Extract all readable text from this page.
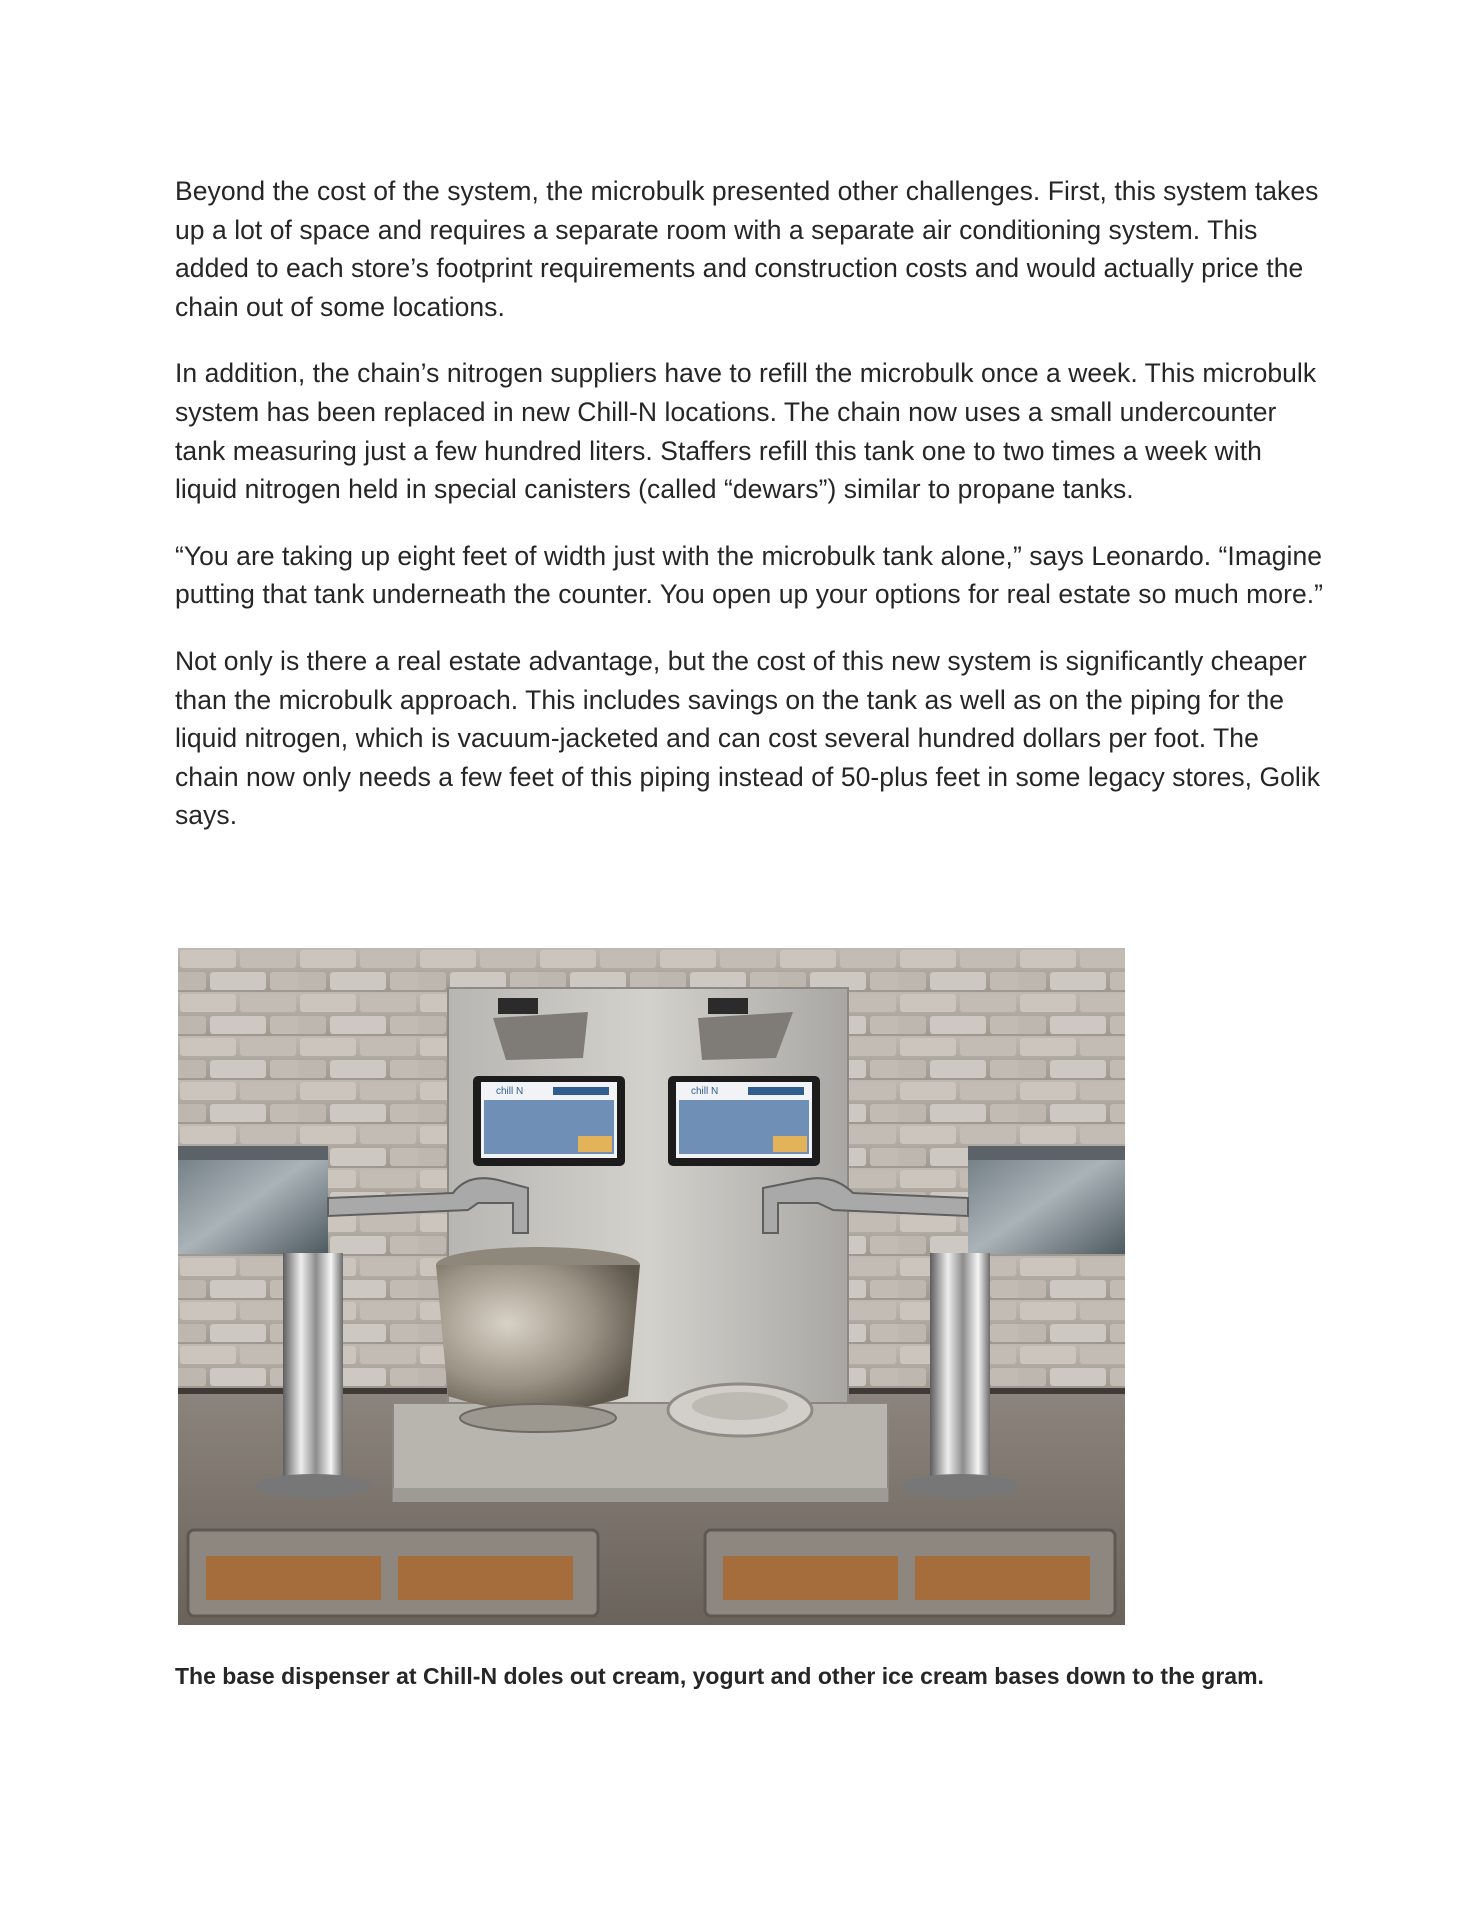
Beyond the cost of the system, the microbulk presented other challenges. First, this system takes up a lot of space and requires a separate room with a separate air conditioning system. This added to each store’s footprint requirements and construction costs and would actually price the chain out of some locations.

In addition, the chain’s nitrogen suppliers have to refill the microbulk once a week. This microbulk system has been replaced in new Chill-N locations. The chain now uses a small undercounter tank measuring just a few hundred liters. Staffers refill this tank one to two times a week with liquid nitrogen held in special canisters (called “dewars”) similar to propane tanks.

“You are taking up eight feet of width just with the microbulk tank alone,” says Leonardo. “Imagine putting that tank underneath the counter. You open up your options for real estate so much more.”

Not only is there a real estate advantage, but the cost of this new system is significantly cheaper than the microbulk approach. This includes savings on the tank as well as on the piping for the liquid nitrogen, which is vacuum-jacketed and can cost several hundred dollars per foot. The chain now only needs a few feet of this piping instead of 50-plus feet in some legacy stores, Golik says.

chill N	chill N
The base dispenser at Chill-N doles out cream, yogurt and other ice cream bases down to the gram.
